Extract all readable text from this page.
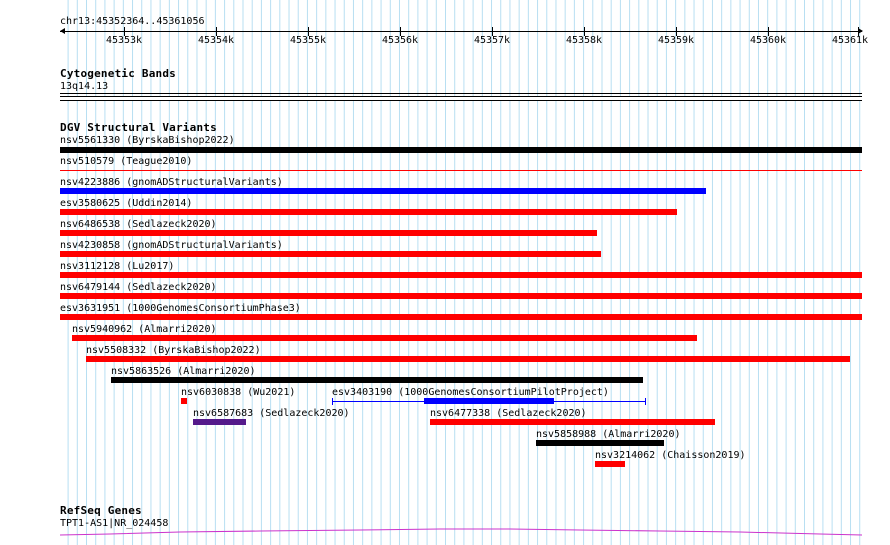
chr13:45352364..45361056
45353k	45354k	45355k	45356k	45357k	45358k	45359k	45360k	45361k
Cytogenetic Bands
13q14.13
DGV Structural Variants
nsv5561330 (ByrskaBishop2022)
nsv510579 (Teague2010)
nsv4223886 (gnomADStructuralVariants)
esv3580625 (Uddin2014)
nsv6486538 (Sedlazeck2020)
nsv4230858 (gnomADStructuralVariants)
nsv3112128 (Lu2017)
nsv6479144 (Sedlazeck2020)
esv3631951 (1000GenomesConsortiumPhase3)
nsv5940962 (Almarri2020)
nsv5508332 (ByrskaBishop2022)
nsv5863526 (Almarri2020)
nsv6030838 (Wu2021)	esv3403190 (1000GenomesConsortiumPilotProject)
nsv6587683 (Sedlazeck2020)	nsv6477338 (Sedlazeck2020)
nsv5858988 (Almarri2020)
nsv3214062 (Chaisson2019)
RefSeq Genes
TPT1-AS1|NR_024458
